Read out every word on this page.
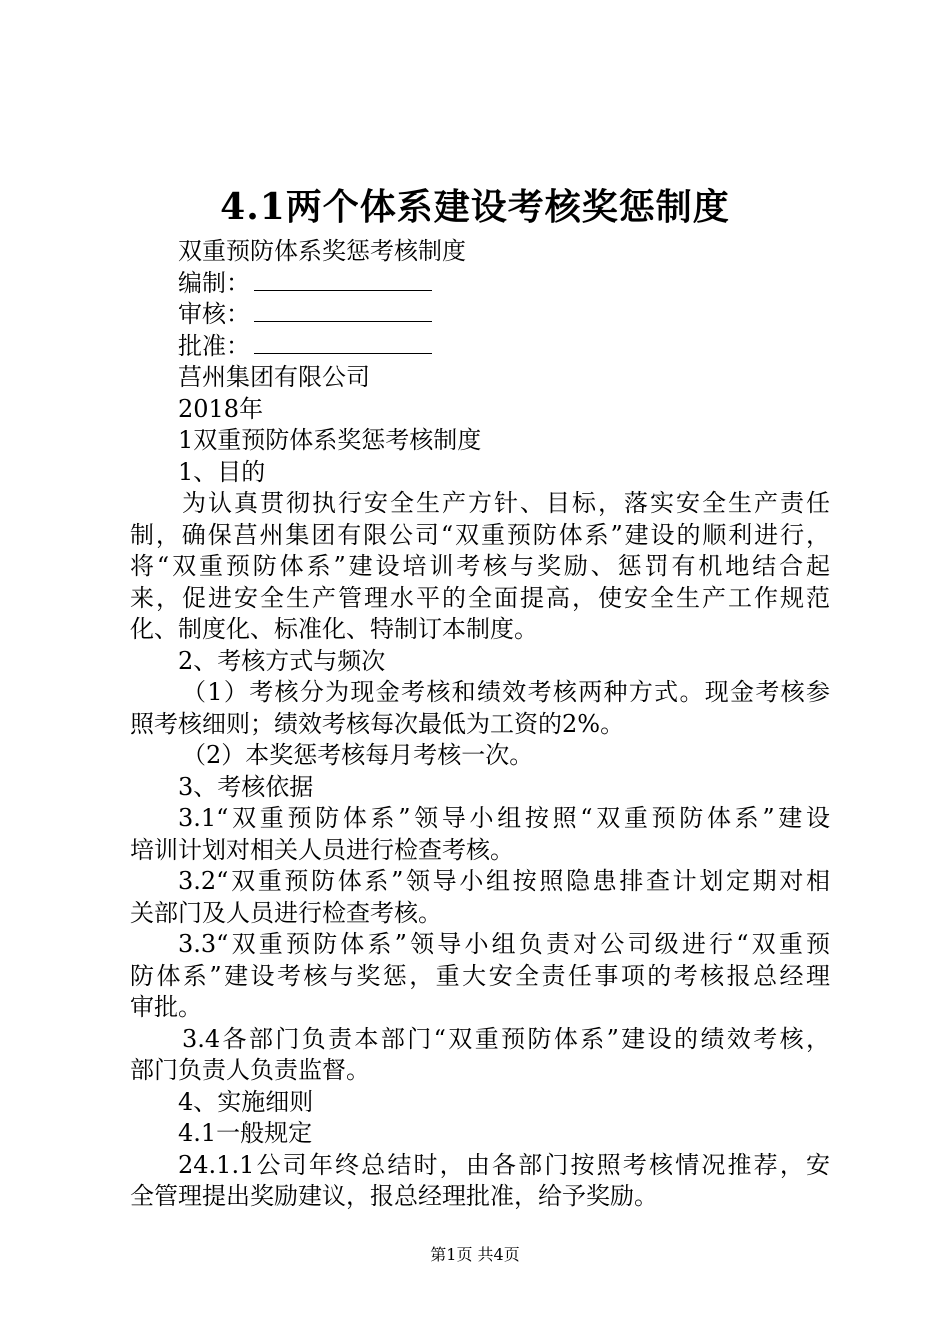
4.1两个体系建设考核奖惩制度
双重预防体系奖惩考核制度
编制：
审核：
批准：
莒州集团有限公司
2018年
1双重预防体系奖惩考核制度
1、目的
为认真贯彻执行安全生产方针、目标，落实安全生产责任
制，确保莒州集团有限公司“双重预防体系”建设的顺利进行，
将“双重预防体系”建设培训考核与奖励、惩罚有机地结合起
来，促进安全生产管理水平的全面提高，使安全生产工作规范
化、制度化、标准化、特制订本制度。
2、考核方式与频次
（1）考核分为现金考核和绩效考核两种方式。现金考核参
照考核细则；绩效考核每次最低为工资的2%。
（2）本奖惩考核每月考核一次。
3、考核依据
3.1“双重预防体系”领导小组按照“双重预防体系”建设
培训计划对相关人员进行检查考核。
3.2“双重预防体系”领导小组按照隐患排查计划定期对相
关部门及人员进行检查考核。
3.3“双重预防体系”领导小组负责对公司级进行“双重预
防体系”建设考核与奖惩，重大安全责任事项的考核报总经理
审批。
3.4各部门负责本部门“双重预防体系”建设的绩效考核，
部门负责人负责监督。
4、实施细则
4.1一般规定
24.1.1公司年终总结时，由各部门按照考核情况推荐，安
全管理提出奖励建议，报总经理批准，给予奖励。
第1页 共4页
